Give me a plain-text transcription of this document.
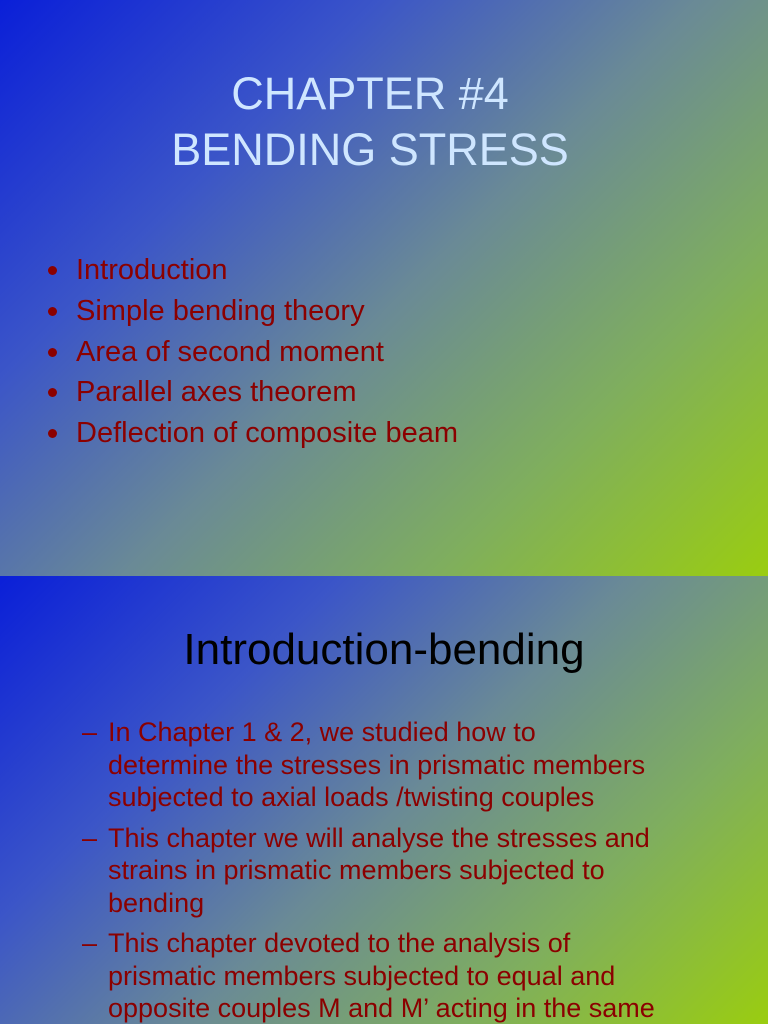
CHAPTER #4
BENDING STRESS
Introduction
Simple bending theory
Area of second moment
Parallel axes theorem
Deflection of composite beam
Introduction-bending
– In Chapter 1 & 2, we studied how to
determine the stresses in prismatic members
subjected to axial loads /twisting couples
– This chapter we will analyse the stresses and
strains in prismatic members subjected to
bending
– This chapter devoted to the analysis of
prismatic members subjected to equal and
opposite couples M and M’ acting in the same
